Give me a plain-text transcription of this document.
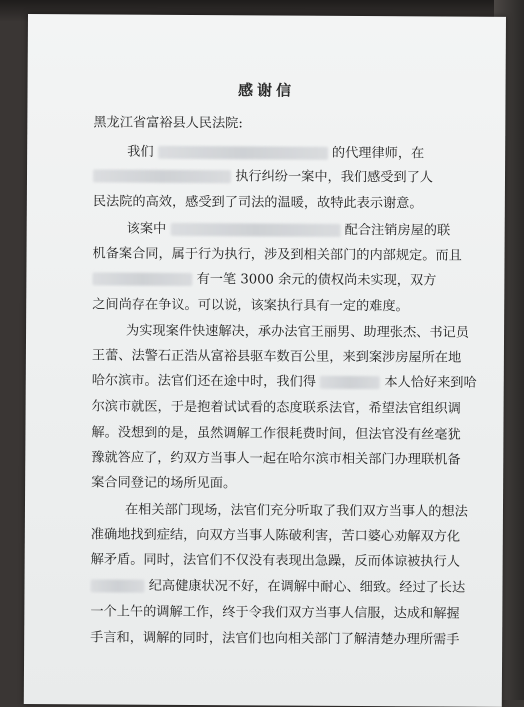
感谢信
黑龙江省富裕县人民法院:
我们	的代理律师，在
执行纠纷一案中，我们感受到了人
民法院的高效，感受到了司法的温暖，故特此表示谢意。
该案中	配合注销房屋的联
机备案合同，属于行为执行，涉及到相关部门的内部规定。而且
有一笔 3000 余元的债权尚未实现，双方
之间尚存在争议。可以说，该案执行具有一定的难度。
为实现案件快速解决，承办法官王丽男、助理张杰、书记员
王蕾、法警石正浩从富裕县驱车数百公里，来到案涉房屋所在地
哈尔滨市。法官们还在途中时，我们得	本人恰好来到哈
尔滨市就医，于是抱着试试看的态度联系法官，希望法官组织调
解。没想到的是，虽然调解工作很耗费时间，但法官没有丝毫犹
豫就答应了，约双方当事人一起在哈尔滨市相关部门办理联机备
案合同登记的场所见面。
在相关部门现场，法官们充分听取了我们双方当事人的想法
准确地找到症结，向双方当事人陈破利害，苦口婆心劝解双方化
解矛盾。同时，法官们不仅没有表现出急躁，反而体谅被执行人
纪高健康状况不好，在调解中耐心、细致。经过了长达
一个上午的调解工作，终于令我们双方当事人信服，达成和解握
手言和，调解的同时，法官们也向相关部门了解清楚办理所需手
